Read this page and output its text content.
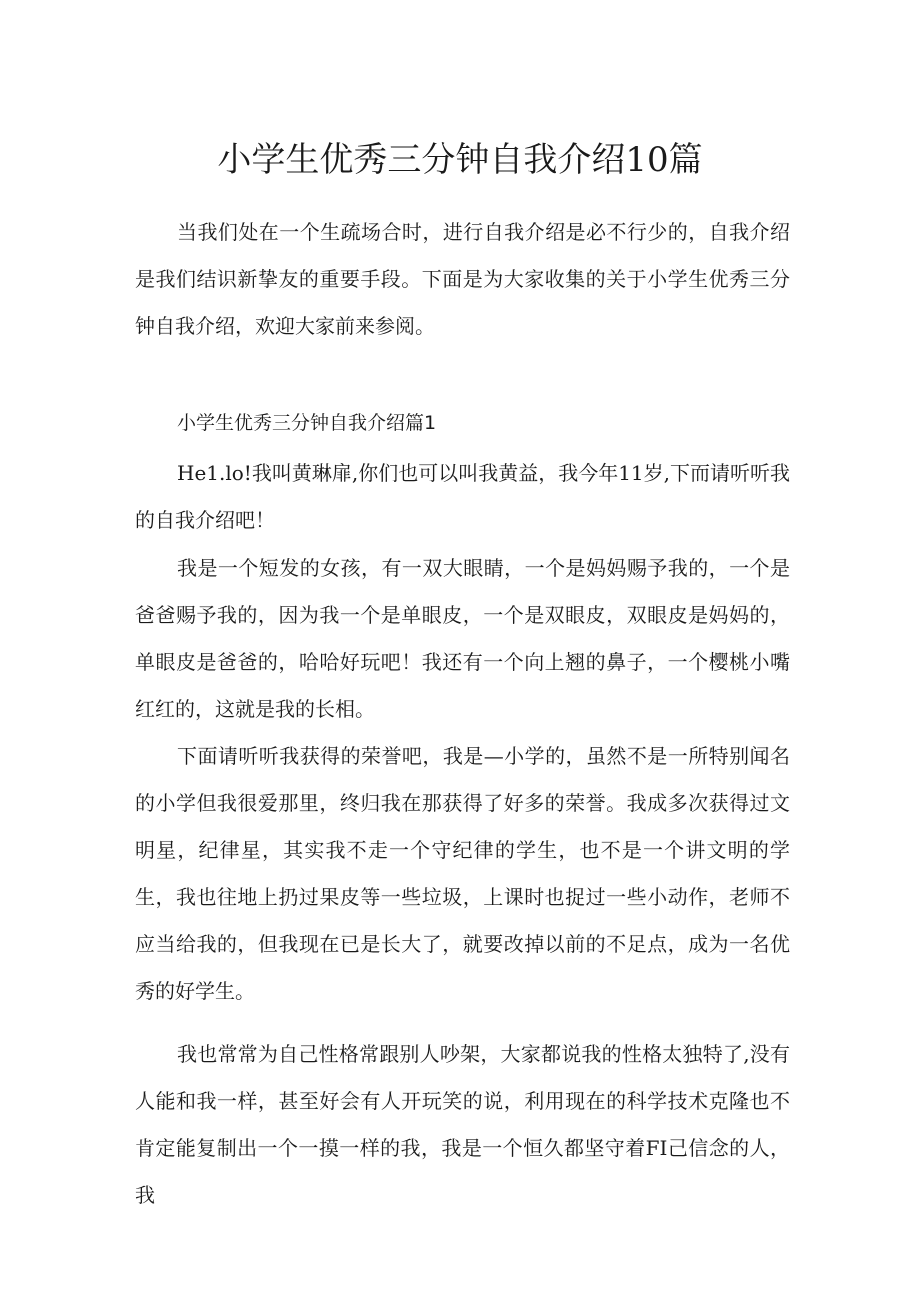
小学生优秀三分钟自我介绍10篇

当我们处在一个生疏场合时，进行自我介绍是必不行少的，自我介绍是我们结识新挚友的重要手段。下面是为大家收集的关于小学生优秀三分钟自我介绍，欢迎大家前来参阅。

小学生优秀三分钟自我介绍篇1

He1.lo!我叫黄琳扉,你们也可以叫我黄益，我今年11岁,下而请听听我的自我介绍吧！

我是一个短发的女孩，有一双大眼睛，一个是妈妈赐予我的，一个是爸爸赐予我的，因为我一个是单眼皮，一个是双眼皮，双眼皮是妈妈的，单眼皮是爸爸的，哈哈好玩吧！我还有一个向上翘的鼻子，一个樱桃小嘴红红的，这就是我的长相。

下面请听听我获得的荣誉吧，我是—小学的，虽然不是一所特别闻名的小学但我很爱那里，终归我在那获得了好多的荣誉。我成多次获得过文明星，纪律星，其实我不走一个守纪律的学生，也不是一个讲文明的学生，我也往地上扔过果皮等一些垃圾，上课时也捉过一些小动作，老师不应当给我的，但我现在已是长大了，就要改掉以前的不足点，成为一名优秀的好学生。

我也常常为自己性格常跟别人吵架，大家都说我的性格太独特了,没有人能和我一样，甚至好会有人开玩笑的说，利用现在的科学技术克隆也不肯定能复制出一个一摸一样的我，我是一个恒久都坚守着FI己信念的人，我
